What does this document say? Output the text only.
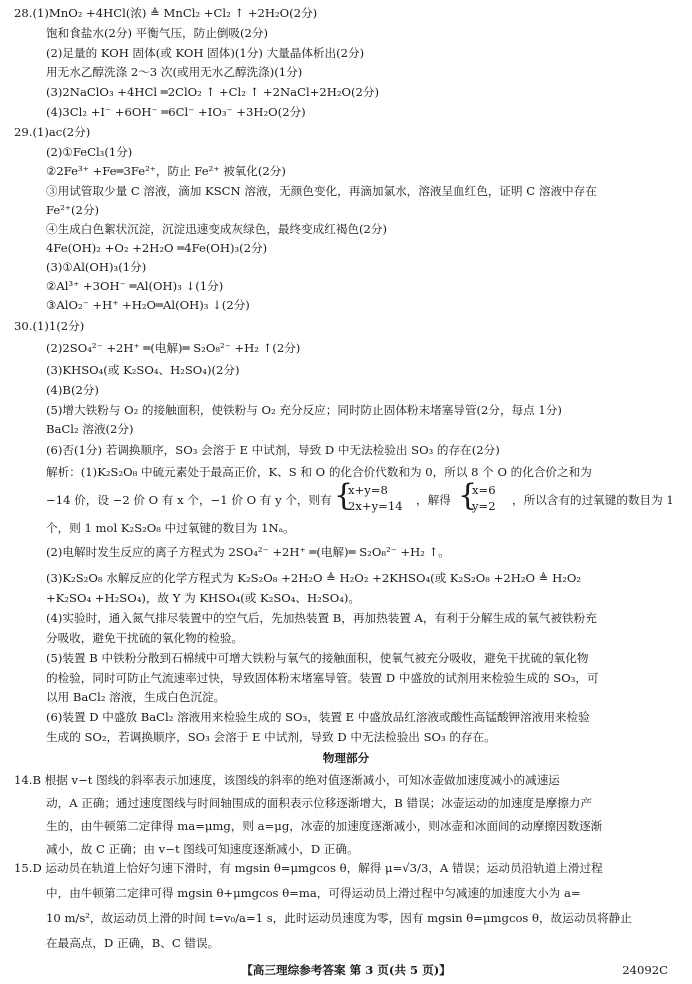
28.(1)MnO₂ +4HCl(浓) ≜ MnCl₂ +Cl₂ ↑ +2H₂O(2分)
饱和食盐水(2分) 平衡气压，防止倒吸(2分)
(2)足量的 KOH 固体(或 KOH 固体)(1分) 大量晶体析出(2分)
用无水乙醇洗涤 2～3 次(或用无水乙醇洗涤)(1分)
(3)2NaClO₃ +4HCl ═2ClO₂ ↑ +Cl₂ ↑ +2NaCl+2H₂O(2分)
(4)3Cl₂ +I⁻ +6OH⁻ ═6Cl⁻ +IO₃⁻ +3H₂O(2分)
29.(1)ac(2分)
(2)①FeCl₃(1分)
②2Fe³⁺ +Fe═3Fe²⁺，防止 Fe²⁺ 被氧化(2分)
③用试管取少量 C 溶液，滴加 KSCN 溶液，无颜色变化，再滴加氯水，溶液呈血红色，证明 C 溶液中存在
Fe²⁺(2分)
④生成白色絮状沉淀，沉淀迅速变成灰绿色，最终变成红褐色(2分)
4Fe(OH)₂ +O₂ +2H₂O ═4Fe(OH)₃(2分)
(3)①Al(OH)₃(1分)
②Al³⁺ +3OH⁻ ═Al(OH)₃ ↓(1分)
③AlO₂⁻ +H⁺ +H₂O═Al(OH)₃ ↓(2分)
30.(1)1(2分)
(2)2SO₄²⁻ +2H⁺ ═(电解)═ S₂O₈²⁻ +H₂ ↑(2分)
(3)KHSO₄(或 K₂SO₄、H₂SO₄)(2分)
(4)B(2分)
(5)增大铁粉与 O₂ 的接触面积，使铁粉与 O₂ 充分反应；同时防止固体粉末堵塞导管(2分，每点 1分)
BaCl₂ 溶液(2分)
(6)否(1分) 若调换顺序，SO₃ 会溶于 E 中试剂，导致 D 中无法检验出 SO₃ 的存在(2分)
解析：(1)K₂S₂O₈ 中硫元素处于最高正价，K、S 和 O 的化合价代数和为 0，所以 8 个 O 的化合价之和为
−14 价，设 −2 价 O 有 x 个，−1 价 O 有 y 个，则有 {
x+y=8
2x+y=14 ，解得 {
x=6
y=2 ，所以含有的过氧键的数目为 1
个，则 1 mol K₂S₂O₈ 中过氧键的数目为 1Nₐ。
(2)电解时发生反应的离子方程式为 2SO₄²⁻ +2H⁺ ═(电解)═ S₂O₈²⁻ +H₂ ↑。
(3)K₂S₂O₈ 水解反应的化学方程式为 K₂S₂O₈ +2H₂O ≜ H₂O₂ +2KHSO₄(或 K₂S₂O₈ +2H₂O ≜ H₂O₂
+K₂SO₄ +H₂SO₄)，故 Y 为 KHSO₄(或 K₂SO₄、H₂SO₄)。
(4)实验时，通入氮气排尽装置中的空气后，先加热装置 B，再加热装置 A，有利于分解生成的氧气被铁粉充
分吸收，避免干扰硫的氧化物的检验。
(5)装置 B 中铁粉分散到石棉绒中可增大铁粉与氧气的接触面积，使氧气被充分吸收，避免干扰硫的氧化物
的检验，同时可防止气流速率过快，导致固体粉末堵塞导管。装置 D 中盛放的试剂用来检验生成的 SO₃，可
以用 BaCl₂ 溶液，生成白色沉淀。
(6)装置 D 中盛放 BaCl₂ 溶液用来检验生成的 SO₃，装置 E 中盛放品红溶液或酸性高锰酸钾溶液用来检验
生成的 SO₂，若调换顺序，SO₃ 会溶于 E 中试剂，导致 D 中无法检验出 SO₃ 的存在。
物理部分
14.B 根据 v−t 图线的斜率表示加速度，该图线的斜率的绝对值逐渐减小，可知冰壶做加速度减小的减速运
动，A 正确；通过速度图线与时间轴围成的面积表示位移逐渐增大，B 错误；冰壶运动的加速度是摩擦力产
生的，由牛顿第二定律得 ma=μmg，则 a=μg，冰壶的加速度逐渐减小，则冰壶和冰面间的动摩擦因数逐渐
减小，故 C 正确；由 v−t 图线可知速度逐渐减小，D 正确。
15.D 运动员在轨道上恰好匀速下滑时，有 mgsin θ=μmgcos θ，解得 μ=√3/3，A 错误；运动员沿轨道上滑过程
中，由牛顿第二定律可得 mgsin θ+μmgcos θ=ma，可得运动员上滑过程中匀减速的加速度大小为 a=
10 m/s²，故运动员上滑的时间 t=v₀/a=1 s，此时运动员速度为零，因有 mgsin θ=μmgcos θ，故运动员将静止
在最高点，D 正确，B、C 错误。
【高三理综参考答案 第 3 页(共 5 页)】	24092C
